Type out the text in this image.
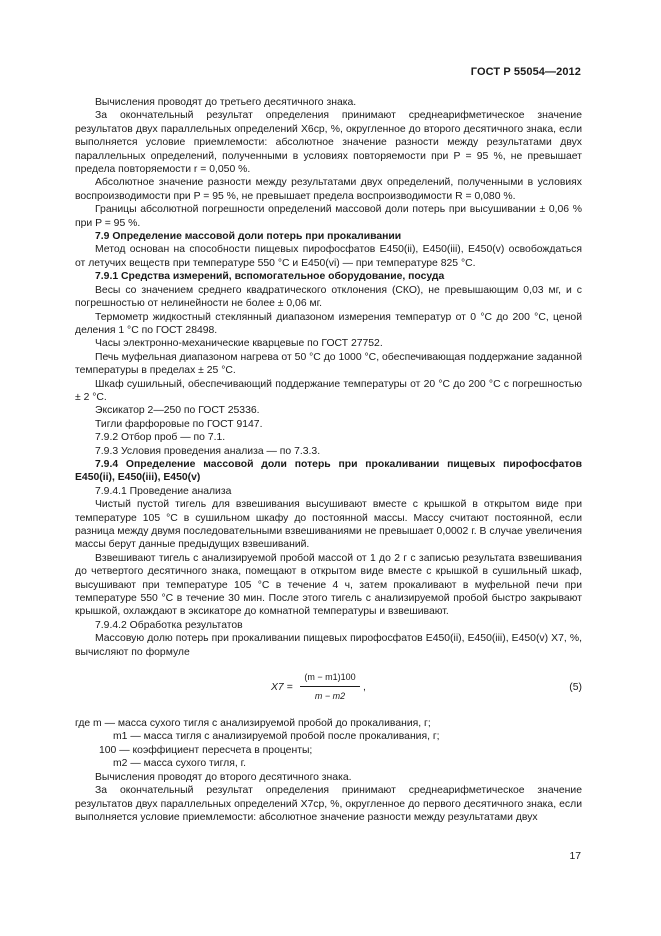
ГОСТ Р 55054—2012

Вычисления проводят до третьего десятичного знака.

За окончательный результат определения принимают среднеарифметическое значение результатов двух параллельных определений X6ср, %, округленное до второго десятичного знака, если выполняется условие приемлемости: абсолютное значение разности между результатами двух параллельных определений, полученными в условиях повторяемости при P = 95 %, не превышает предела повторяемости r = 0,050 %.

Абсолютное значение разности между результатами двух определений, полученными в условиях воспроизводимости при P = 95 %, не превышает предела воспроизводимости R = 0,080 %.

Границы абсолютной погрешности определений массовой доли потерь при высушивании ± 0,06 % при P = 95 %.

7.9 Определение массовой доли потерь при прокаливании

Метод основан на способности пищевых пирофосфатов Е450(ii), Е450(iii), Е450(v) освобождаться от летучих веществ при температуре 550 °С и Е450(vi) — при температуре 825 °С.

7.9.1 Средства измерений, вспомогательное оборудование, посуда

Весы со значением среднего квадратического отклонения (СКО), не превышающим 0,03 мг, и с погрешностью от нелинейности не более ± 0,06 мг.

Термометр жидкостный стеклянный диапазоном измерения температур от 0 °С до 200 °С, ценой деления 1 °С по ГОСТ 28498.

Часы электронно-механические кварцевые по ГОСТ 27752.

Печь муфельная диапазоном нагрева от 50 °С до 1000 °С, обеспечивающая поддержание заданной температуры в пределах ± 25 °С.

Шкаф сушильный, обеспечивающий поддержание температуры от 20 °С до 200 °С с погрешностью ± 2 °С.

Эксикатор 2—250 по ГОСТ 25336.

Тигли фарфоровые по ГОСТ 9147.

7.9.2 Отбор проб — по 7.1.

7.9.3 Условия проведения анализа — по 7.3.3.

7.9.4 Определение массовой доли потерь при прокаливании пищевых пирофосфатов Е450(ii), Е450(iii), Е450(v)

7.9.4.1 Проведение анализа

Чистый пустой тигель для взвешивания высушивают вместе с крышкой в открытом виде при температуре 105 °С в сушильном шкафу до постоянной массы. Массу считают постоянной, если разница между двумя последовательными взвешиваниями не превышает 0,0002 г. В случае увеличения массы берут данные предыдущих взвешиваний.

Взвешивают тигель с анализируемой пробой массой от 1 до 2 г с записью результата взвешивания до четвертого десятичного знака, помещают в открытом виде вместе с крышкой в сушильный шкаф, высушивают при температуре 105 °С в течение 4 ч, затем прокаливают в муфельной печи при температуре 550 °С в течение 30 мин. После этого тигель с анализируемой пробой быстро закрывают крышкой, охлаждают в эксикаторе до комнатной температуры и взвешивают.

7.9.4.2 Обработка результатов

Массовую долю потерь при прокаливании пищевых пирофосфатов Е450(ii), Е450(iii), Е450(v) X7, %, вычисляют по формуле

$X7 = \frac{(m - m1)100}{m - m2}$ ,	(5)
где m — масса сухого тигля с анализируемой пробой до прокаливания, г;
m1 — масса тигля с анализируемой пробой после прокаливания, г;
100 — коэффициент пересчета в проценты;
m2 — масса сухого тигля, г.

Вычисления проводят до второго десятичного знака.

За окончательный результат определения принимают среднеарифметическое значение результатов двух параллельных определений X7ср, %, округленное до первого десятичного знака, если выполняется условие приемлемости: абсолютное значение разности между результатами двух

17
